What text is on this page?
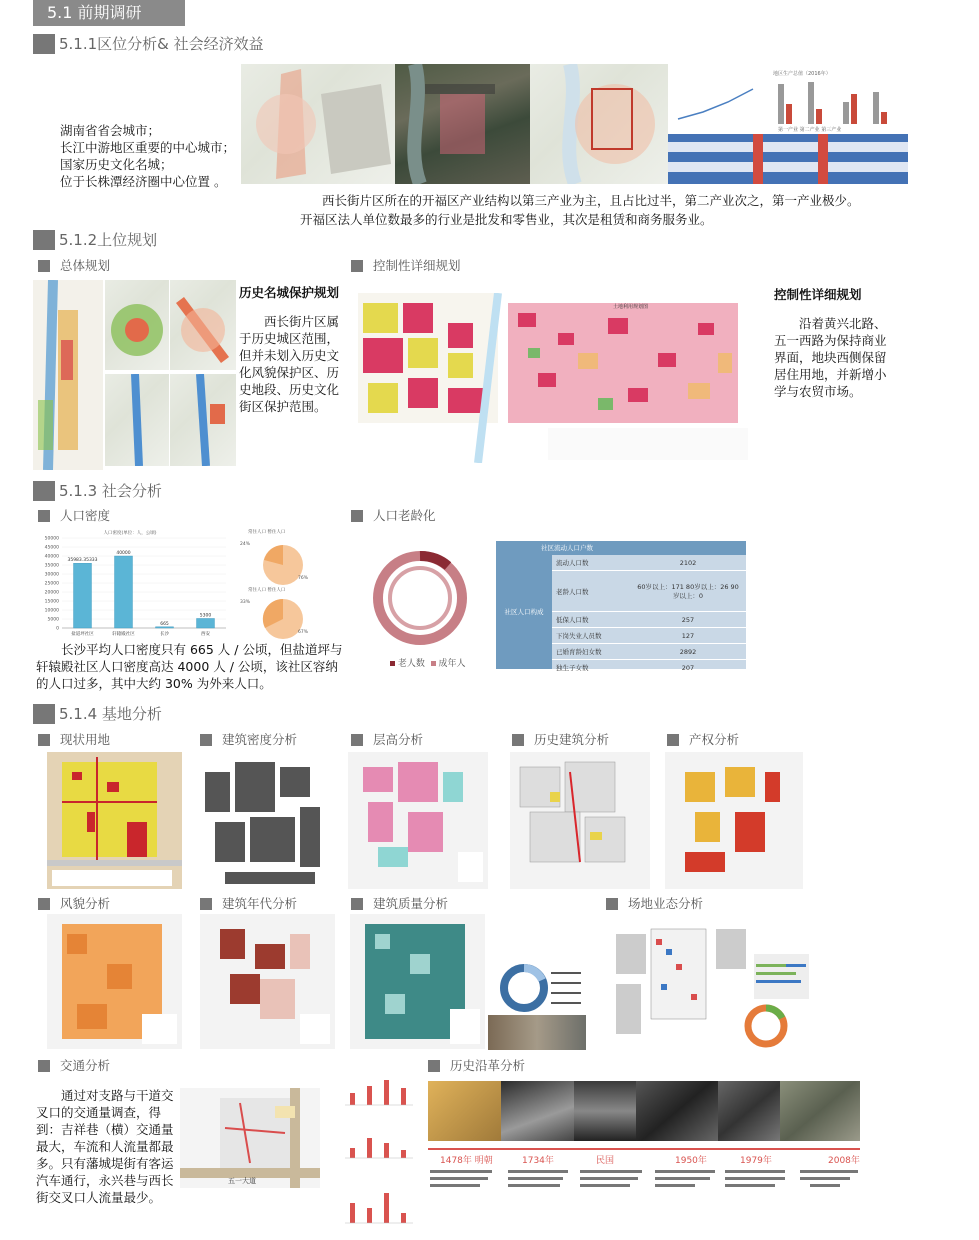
5.1 前期调研
5.1.1区位分析& 社会经济效益
湖南省省会城市；
长江中游地区重要的中心城市；
国家历史文化名城；
位于长株潭经济圈中心位置 。
地区生产总值（2016年）
第一产业 第二产业 第三产业
西长街片区所在的开福区产业结构以第三产业为主，且占比过半，第二产业次之，第一产业极少。
开福区法人单位数最多的行业是批发和零售业，其次是租赁和商务服务业。
5.1.2上位规划
总体规划	控制性详细规划
历史名城保护规划
西长街片区属于历史城区范围，但并未划入历史文化风貌保护区、历史地段、历史文化街区保护范围。
土地利用规划图
控制性详细规划
沿着黄兴北路、五一西路为保持商业界面，地块西侧保留居住用地，并新增小学与农贸市场。
5.1.3 社会分析
人口密度	人口老龄化
人口密度(单位：人，公顷)
0
5000
10000
15000
20000
25000
30000
35000
40000
45000
50000
35983.35333
盐道坪社区
40000
轩辕殿社区
665
长沙
5300
西安
常住人口 暂住人口
24%
76%
常住人口 暂住人口
33%
67%
老人数 成年人
社区流动人口户数
社区人口构成
流动人口数	2102
老龄人口数	60岁以上：171 80岁以上：26 90岁以上：0
低保人口数	257
下岗失业人员数	127
已婚育龄妇女数	2892
独生子女数	207
长沙平均人口密度只有 665 人 / 公顷，但盐道坪与轩辕殿社区人口密度高达 4000 人 / 公顷，该社区容纳的人口过多，其中大约 30% 为外来人口。
5.1.4 基地分析
现状用地	建筑密度分析	层高分析	历史建筑分析	产权分析
风貌分析	建筑年代分析	建筑质量分析	场地业态分析
交通分析
通过对支路与干道交叉口的交通量调查，得到：吉祥巷（横）交通量最大，车流和人流量都最多。只有藩城堤街有客运汽车通行，永兴巷与西长街交叉口人流量最少。
五一大道
历史沿革分析
1478年 明朝	1734年	民国	1950年	1979年	2008年
